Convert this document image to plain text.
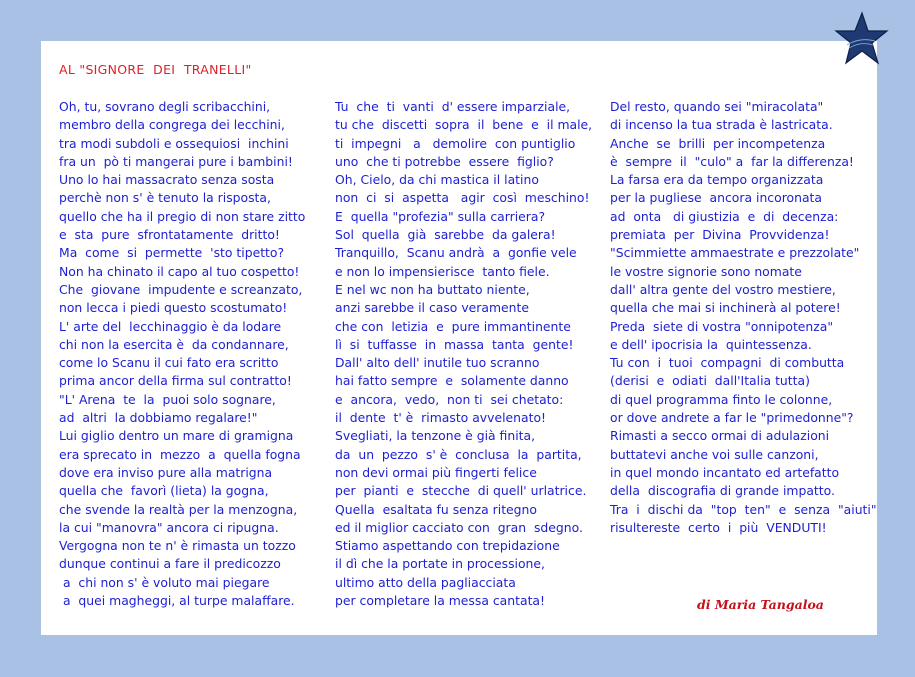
AL "SIGNORE  DEI  TRANELLI"
Oh, tu, sovrano degli scribacchini,
membro della congrega dei lecchini,
tra modi subdoli e ossequiosi  inchini
fra un  pò ti mangerai pure i bambini!
Uno lo hai massacrato senza sosta
perchè non s' è tenuto la risposta,
quello che ha il pregio di non stare zitto
e  sta  pure  sfrontatamente  dritto!
Ma  come  si  permette  'sto tipetto?
Non ha chinato il capo al tuo cospetto!
Che  giovane  impudente e screanzato,
non lecca i piedi questo scostumato!
L' arte del  lecchinaggio è da lodare
chi non la esercita è  da condannare,
come lo Scanu il cui fato era scritto
prima ancor della firma sul contratto!
"L' Arena  te  la  puoi solo sognare,
ad  altri  la dobbiamo regalare!"
Lui giglio dentro un mare di gramigna
era sprecato in  mezzo  a  quella fogna
dove era inviso pure alla matrigna
quella che  favorì (lieta) la gogna,
che svende la realtà per la menzogna,
la cui "manovra" ancora ci ripugna.
Vergogna non te n' è rimasta un tozzo
dunque continui a fare il predicozzo
a  chi non s' è voluto mai piegare
a  quei magheggi, al turpe malaffare.
Tu  che  ti  vanti  d' essere imparziale,
tu che  discetti  sopra  il  bene  e  il male,
ti  impegni   a   demolire  con puntiglio
uno  che ti potrebbe  essere  figlio?
Oh, Cielo, da chi mastica il latino
non  ci  si  aspetta   agir  così  meschino!
E  quella "profezia" sulla carriera?
Sol  quella  già  sarebbe  da galera!
Tranquillo,  Scanu andrà  a  gonfie vele
e non lo impensierisce  tanto fiele.
E nel wc non ha buttato niente,
anzi sarebbe il caso veramente
che con  letizia  e  pure immantinente
lì  si  tuffasse  in  massa  tanta  gente!
Dall' alto dell' inutile tuo scranno
hai fatto sempre  e  solamente danno
e  ancora,  vedo,  non ti  sei chetato:
il  dente  t' è  rimasto avvelenato!
Svegliati, la tenzone è già finita,
da  un  pezzo  s' è  conclusa  la  partita,
non devi ormai più fingerti felice
per  pianti  e  stecche  di quell' urlatrice.
Quella  esaltata fu senza ritegno
ed il miglior cacciato con  gran  sdegno.
Stiamo aspettando con trepidazione
il dì che la portate in processione,
ultimo atto della pagliacciata
per completare la messa cantata!
Del resto, quando sei "miracolata"
di incenso la tua strada è lastricata.
Anche  se  brilli  per incompetenza
è  sempre  il  "culo" a  far la differenza!
La farsa era da tempo organizzata
per la pugliese  ancora incoronata
ad  onta   di giustizia  e  di  decenza:
premiata  per  Divina  Provvidenza!
"Scimmiette ammaestrate e prezzolate"
le vostre signorie sono nomate
dall' altra gente del vostro mestiere,
quella che mai si inchinerà al potere!
Preda  siete di vostra "onnipotenza"
e dell' ipocrisia la  quintessenza.
Tu con  i  tuoi  compagni  di combutta
(derisi  e  odiati  dall'Italia tutta)
di quel programma finto le colonne,
or dove andrete a far le "primedonne"?
Rimasti a secco ormai di adulazioni
buttatevi anche voi sulle canzoni,
in quel mondo incantato ed artefatto
della  discografia di grande impatto.
Tra  i  dischi da  "top  ten"  e  senza  "aiuti"
risultereste  certo  i  più  VENDUTI!
di Maria Tangaloa
